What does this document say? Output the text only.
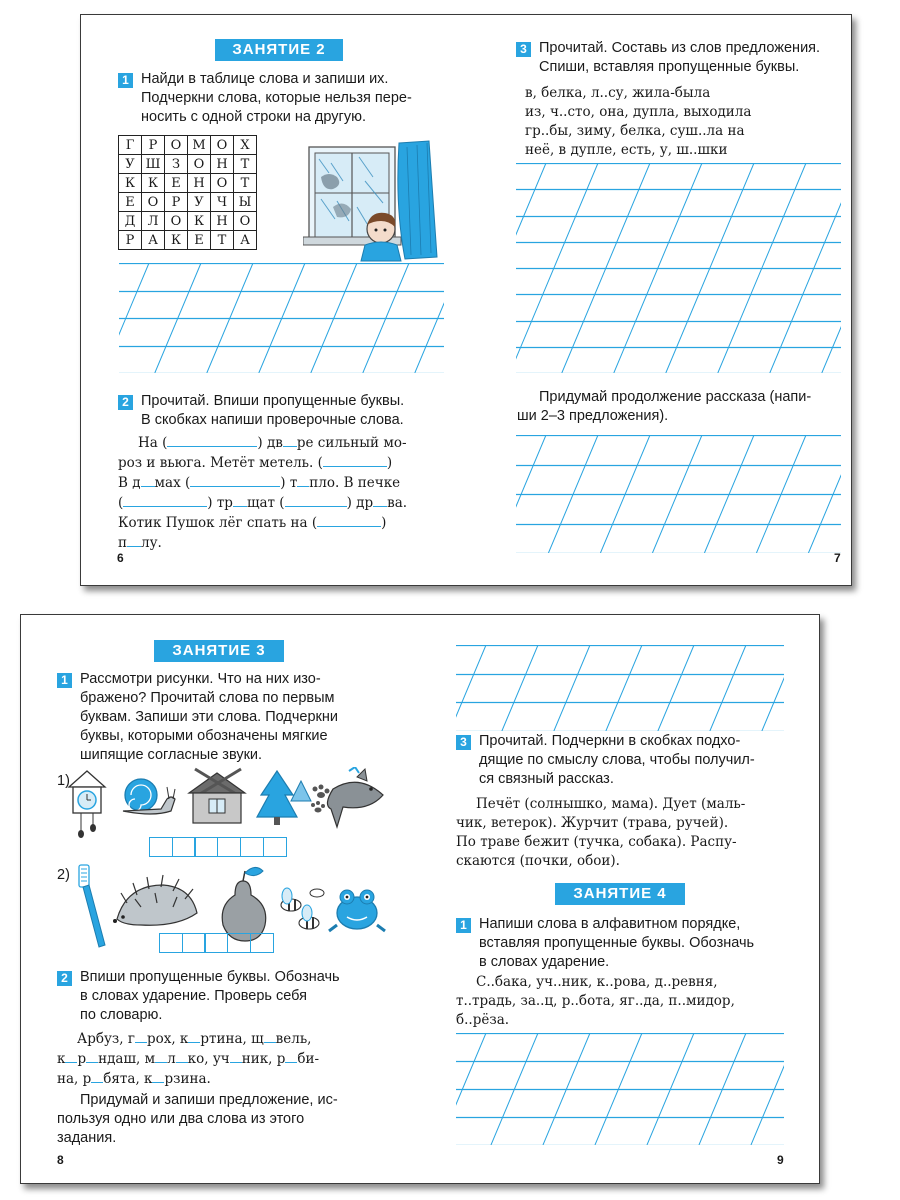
ЗАНЯТИЕ 2
1 Найди в таблице слова и запиши их.
Подчеркни слова, которые нельзя пере-
носить с одной строки на другую.
Г	Р	О	М	О	Х
У	Ш	З	О	Н	Т
К	К	Е	Н	О	Т
Е	О	Р	У	Ч	Ы
Д	Л	О	К	Н	О
Р	А	К	Е	Т	А
2 Прочитай. Впиши пропущенные буквы.
В скобках напиши проверочные слова.
На (	) дв ре сильный мо-
роз и вьюга. Метёт метель. (	)
В д мах (	) т пло. В печке
(	) тр щат (	) др ва.
Котик Пушок лёг спать на (	)
п лу.
6
3 Прочитай. Составь из слов предложения.
Спиши, вставляя пропущенные буквы.
в, белка, л..су, жила-была
из, ч..сто, она, дупла, выходила
гр..бы, зиму, белка, суш..ла на
неё, в дупле, есть, у, ш..шки
Придумай продолжение рассказа (напи-
ши 2–3 предложения).
7
ЗАНЯТИЕ 3
1 Рассмотри рисунки. Что на них изо-
бражено? Прочитай слова по первым
буквам. Запиши эти слова. Подчеркни
буквы, которыми обозначены мягкие
шипящие согласные звуки.
1)
2)
2 Впиши пропущенные буквы. Обозначь
в словах ударение. Проверь себя
по словарю.
Арбуз, г рох, к ртина, щ вель,
к р ндаш, м л ко, уч ник, р би-
на, р бята, к рзина.
Придумай и запиши предложение, ис-
пользуя одно или два слова из этого
задания.
8
3 Прочитай. Подчеркни в скобках подхо-
дящие по смыслу слова, чтобы получил-
ся связный рассказ.
Печёт (солнышко, мама). Дует (маль-
чик, ветерок). Журчит (трава, ручей).
По траве бежит (тучка, собака). Распу-
скаются (почки, обои).
ЗАНЯТИЕ 4
1 Напиши слова в алфавитном порядке,
вставляя пропущенные буквы. Обозначь
в словах ударение.
С..бака, уч..ник, к..рова, д..ревня,
т..традь, за..ц, р..бота, яг..да, п..мидор,
б..рёза.
9
